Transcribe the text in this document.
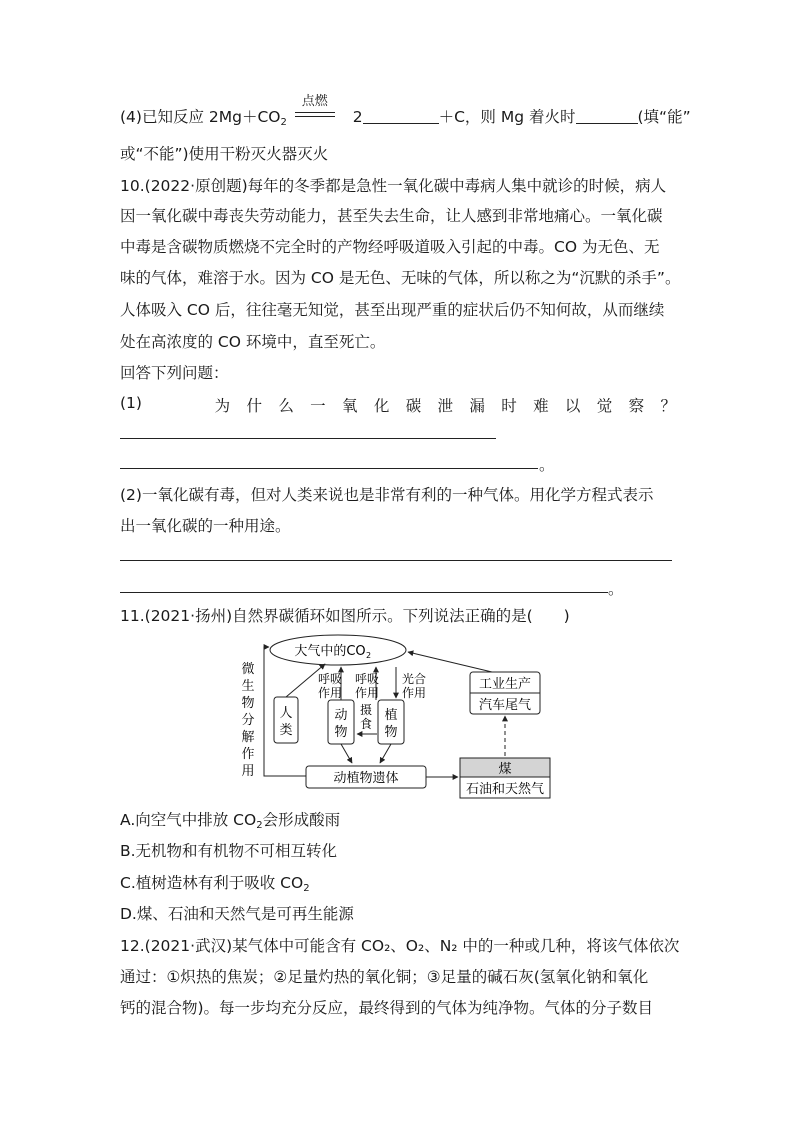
(4)已知反应 $2Mg+CO_2$
点燃
2	＋C，则 Mg 着火时	(填“能”
或“不能”)使用干粉灭火器灭火
10.(2022·原创题)每年的冬季都是急性一氧化碳中毒病人集中就诊的时候，病人
因一氧化碳中毒丧失劳动能力，甚至失去生命，让人感到非常地痛心。一氧化碳
中毒是含碳物质燃烧不完全时的产物经呼吸道吸入引起的中毒。CO 为无色、无
味的气体，难溶于水。因为 CO 是无色、无味的气体，所以称之为“沉默的杀手”。
人体吸入 CO 后，往往毫无知觉，甚至出现严重的症状后仍不知何故，从而继续
处在高浓度的 CO 环境中，直至死亡。
回答下列问题：
(1)	为 什 么 一 氧 化 碳 泄 漏 时 难 以 觉 察 ？
。
(2)一氧化碳有毒，但对人类来说也是非常有利的一种气体。用化学方程式表示
出一氧化碳的一种用途。
。
11.(2021·扬州)自然界碳循环如图所示。下列说法正确的是(　　)
大气中的CO 2
微
生
物
分
解
作
用
人
类
动
物
呼吸
作用
植
物
呼吸
作用
光合
作用
摄
食
动植物遗体
煤
石油和天然气
工业生产
汽车尾气
A.向空气中排放 $CO_2$会形成酸雨
B.无机物和有机物不可相互转化
C.植树造林有利于吸收 $CO_2$
D.煤、石油和天然气是可再生能源
12.(2021·武汉)某气体中可能含有 CO₂、O₂、N₂ 中的一种或几种，将该气体依次
通过：①炽热的焦炭；②足量灼热的氧化铜；③足量的碱石灰(氢氧化钠和氧化
钙的混合物)。每一步均充分反应，最终得到的气体为纯净物。气体的分子数目
